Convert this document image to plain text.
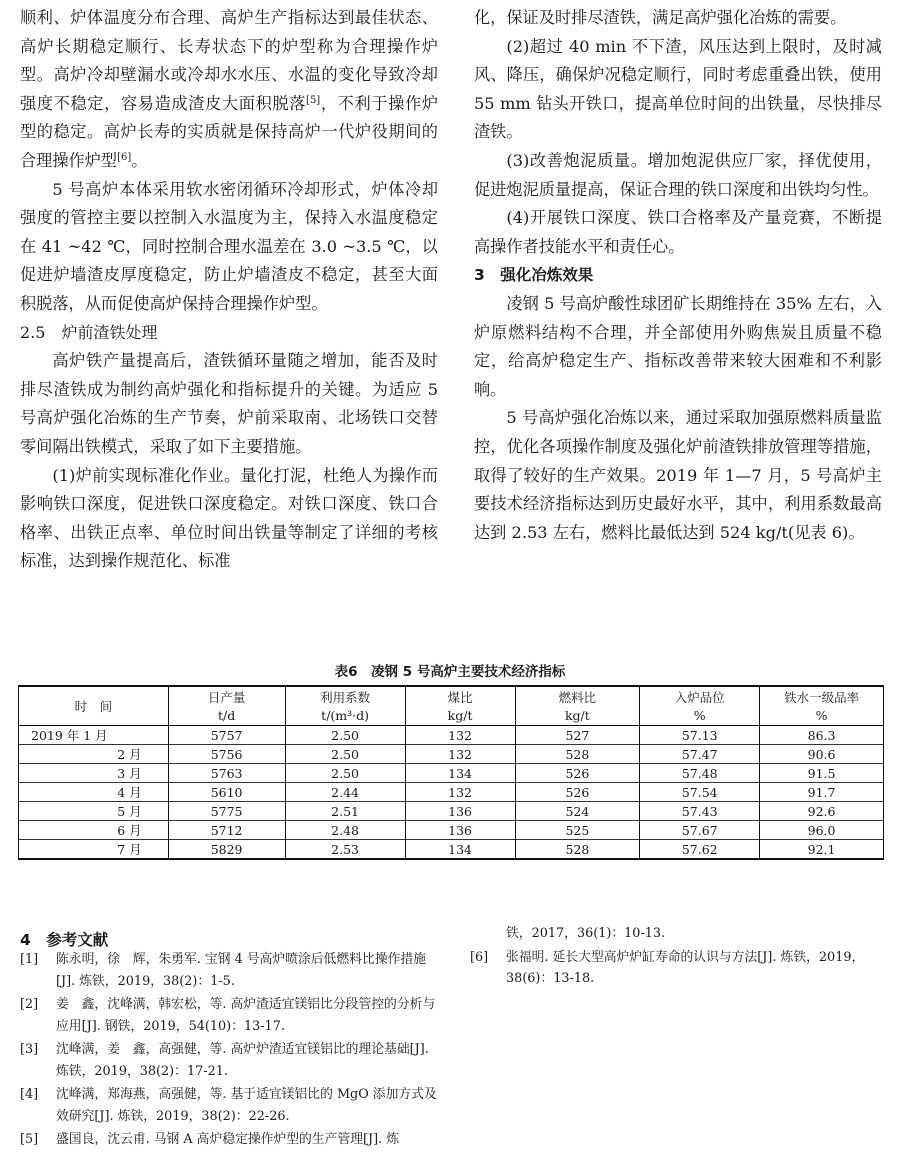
顺利、炉体温度分布合理、高炉生产指标达到最佳状态、高炉长期稳定顺行、长寿状态下的炉型称为合理操作炉型。高炉冷却壁漏水或冷却水水压、水温的变化导致冷却强度不稳定，容易造成渣皮大面积脱落[5]，不利于操作炉型的稳定。高炉长寿的实质就是保持高炉一代炉役期间的合理操作炉型[6]。

5 号高炉本体采用软水密闭循环冷却形式，炉体冷却强度的管控主要以控制入水温度为主，保持入水温度稳定在 41 ~42 ℃，同时控制合理水温差在 3.0 ~3.5 ℃，以促进炉墙渣皮厚度稳定，防止炉墙渣皮不稳定，甚至大面积脱落，从而促使高炉保持合理操作炉型。

2.5　炉前渣铁处理

高炉铁产量提高后，渣铁循环量随之增加，能否及时排尽渣铁成为制约高炉强化和指标提升的关键。为适应 5 号高炉强化冶炼的生产节奏，炉前采取南、北场铁口交替零间隔出铁模式，采取了如下主要措施。

(1)炉前实现标准化作业。量化打泥，杜绝人为操作而影响铁口深度，促进铁口深度稳定。对铁口深度、铁口合格率、出铁正点率、单位时间出铁量等制定了详细的考核标准，达到操作规范化、标准

化，保证及时排尽渣铁，满足高炉强化冶炼的需要。

(2)超过 40 min 不下渣，风压达到上限时，及时减风、降压，确保炉况稳定顺行，同时考虑重叠出铁，使用 55 mm 钻头开铁口，提高单位时间的出铁量，尽快排尽渣铁。

(3)改善炮泥质量。增加炮泥供应厂家，择优使用，促进炮泥质量提高，保证合理的铁口深度和出铁均匀性。

(4)开展铁口深度、铁口合格率及产量竞赛，不断提高操作者技能水平和责任心。

3　强化冶炼效果

凌钢 5 号高炉酸性球团矿长期维持在 35% 左右，入炉原燃料结构不合理，并全部使用外购焦炭且质量不稳定，给高炉稳定生产、指标改善带来较大困难和不利影响。

5 号高炉强化冶炼以来，通过采取加强原燃料质量监控，优化各项操作制度及强化炉前渣铁排放管理等措施，取得了较好的生产效果。2019 年 1—7 月，5 号高炉主要技术经济指标达到历史最好水平，其中，利用系数最高达到 2.53 左右，燃料比最低达到 524 kg/t(见表 6)。

表6　凌钢 5 号高炉主要技术经济指标
时　间	日产量	利用系数	煤比	燃料比	入炉品位	铁水一级品率
	t/d	t/(m³·d)	kg/t	kg/t	%	%
2019 年 1 月	5757	2.50	132	527	57.13	86.3
2 月	5756	2.50	132	528	57.47	90.6
3 月	5763	2.50	134	526	57.48	91.5
4 月	5610	2.44	132	526	57.54	91.7
5 月	5775	2.51	136	524	57.43	92.6
6 月	5712	2.48	136	525	57.67	96.0
7 月	5829	2.53	134	528	57.62	92.1
4　参考文献
[1]	陈永明，徐　辉，朱勇军. 宝钢 4 号高炉喷涂后低燃料比操作措施[J]. 炼铁，2019，38(2)：1-5.
[2]	姜　鑫，沈峰满，韩宏松，等. 高炉渣适宜镁铝比分段管控的分析与应用[J]. 钢铁，2019，54(10)：13-17.
[3]	沈峰满，姜　鑫，高强健，等. 高炉炉渣适宜镁铝比的理论基础[J]. 炼铁，2019，38(2)：17-21.
[4]	沈峰满，郑海燕，高强健，等. 基于适宜镁铝比的 MgO 添加方式及效研究[J]. 炼铁，2019，38(2)：22-26.
[5]	盛国良，沈云甫. 马钢 A 高炉稳定操作炉型的生产管理[J]. 炼
铁，2017，36(1)：10-13.
[6]	张福明. 延长大型高炉炉缸寿命的认识与方法[J]. 炼铁，2019，38(6)：13-18.
